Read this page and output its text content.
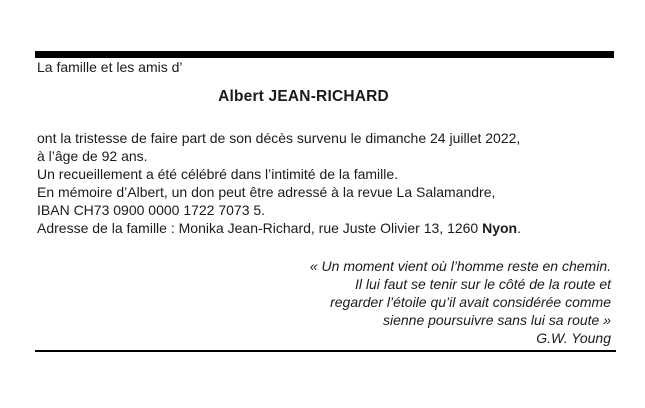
La famille et les amis d’
Albert JEAN-RICHARD
ont la tristesse de faire part de son décès survenu le dimanche 24 juillet 2022,
à l’âge de 92 ans.
Un recueillement a été célébré dans l’intimité de la famille.
En mémoire d’Albert, un don peut être adressé à la revue La Salamandre,
IBAN CH73 0900 0000 1722 7073 5.
Adresse de la famille : Monika Jean-Richard, rue Juste Olivier 13, 1260 Nyon.
« Un moment vient où l’homme reste en chemin.
Il lui faut se tenir sur le côté de la route et
regarder l’étoile qu’il avait considérée comme
sienne poursuivre sans lui sa route »
G.W. Young
